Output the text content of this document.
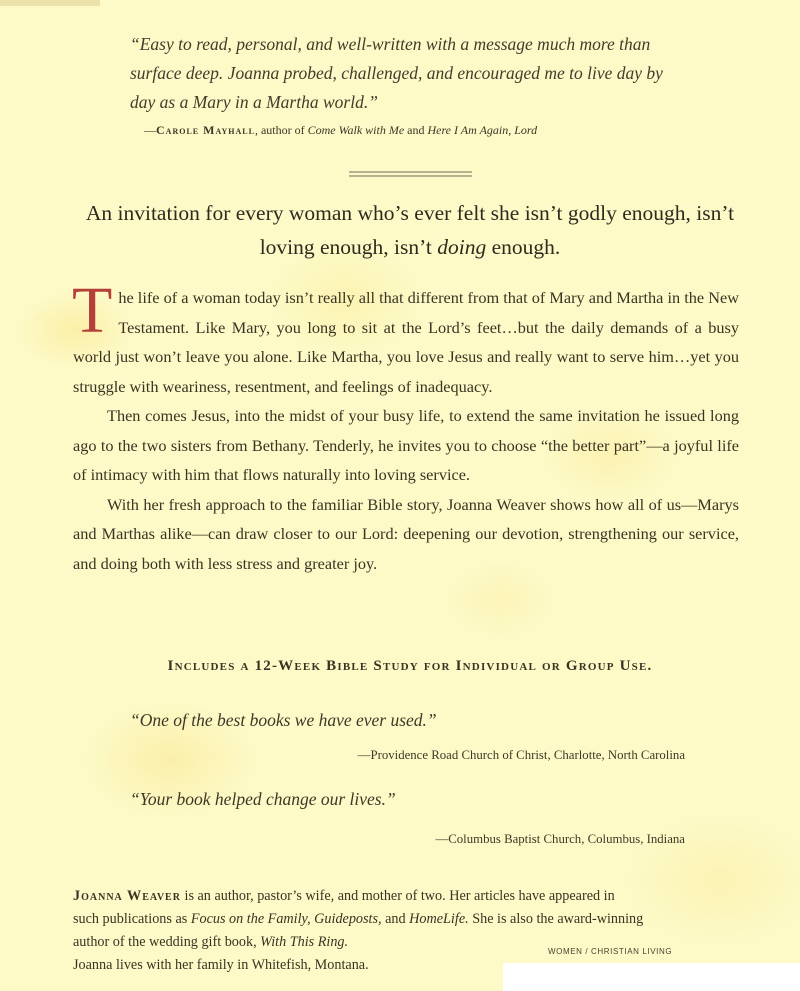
“Easy to read, personal, and well-written with a message much more than surface deep. Joanna probed, challenged, and encouraged me to live day by day as a Mary in a Martha world.”
—Carole Mayhall, author of Come Walk with Me and Here I Am Again, Lord
An invitation for every woman who’s ever felt she isn’t godly enough, isn’t loving enough, isn’t doing enough.

The life of a woman today isn’t really all that different from that of Mary and Martha in the New Testament. Like Mary, you long to sit at the Lord’s feet…but the daily demands of a busy world just won’t leave you alone. Like Martha, you love Jesus and really want to serve him…yet you struggle with weariness, resentment, and feelings of inadequacy.

Then comes Jesus, into the midst of your busy life, to extend the same invitation he issued long ago to the two sisters from Bethany. Tenderly, he invites you to choose “the better part”—a joyful life of intimacy with him that flows naturally into loving service.

With her fresh approach to the familiar Bible story, Joanna Weaver shows how all of us—Marys and Marthas alike—can draw closer to our Lord: deepening our devotion, strengthening our service, and doing both with less stress and greater joy.

Includes a 12-Week Bible Study for Individual or Group Use.
“One of the best books we have ever used.”
—Providence Road Church of Christ, Charlotte, North Carolina
“Your book helped change our lives.”
—Columbus Baptist Church, Columbus, Indiana
Joanna Weaver is an author, pastor’s wife, and mother of two. Her articles have appeared in
such publications as Focus on the Family, Guideposts, and HomeLife. She is also the award-winning
author of the wedding gift book, With This Ring.
Joanna lives with her family in Whitefish, Montana.
WOMEN / CHRISTIAN LIVING
